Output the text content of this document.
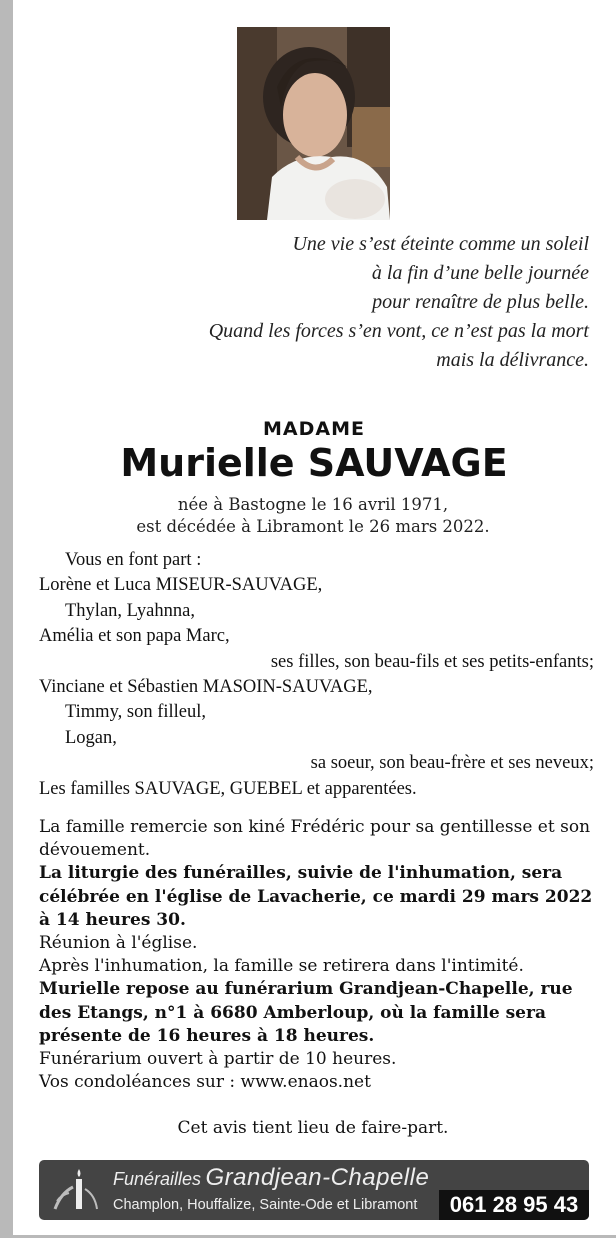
Une vie s’est éteinte comme un soleil
à la fin d’une belle journée
pour renaître de plus belle.
Quand les forces s’en vont, ce n’est pas la mort
mais la délivrance.
MADAME
Murielle SAUVAGE
née à Bastogne le 16 avril 1971,
est décédée à Libramont le 26 mars 2022.
Vous en font part :
Lorène et Luca MISEUR-SAUVAGE,
Thylan, Lyahnna,
Amélia et son papa Marc,
ses filles, son beau-fils et ses petits-enfants;
Vinciane et Sébastien MASOIN-SAUVAGE,
Timmy, son filleul,
Logan,
sa soeur, son beau-frère et ses neveux;
Les familles SAUVAGE, GUEBEL et apparentées.

La famille remercie son kiné Frédéric pour sa gentillesse et son dévouement.

La liturgie des funérailles, suivie de l'inhumation, sera célébrée en l'église de Lavacherie, ce mardi 29 mars 2022 à 14 heures 30.

Réunion à l'église.

Après l'inhumation, la famille se retirera dans l'intimité.

Murielle repose au funérarium Grandjean-Chapelle, rue des Etangs, n°1 à 6680 Amberloup, où la famille sera présente de 16 heures à 18 heures.

Funérarium ouvert à partir de 10 heures.

Vos condoléances sur : www.enaos.net

Cet avis tient lieu de faire-part.
Funérailles Grandjean-Chapelle
Champlon, Houffalize, Sainte-Ode et Libramont	061 28 95 43
